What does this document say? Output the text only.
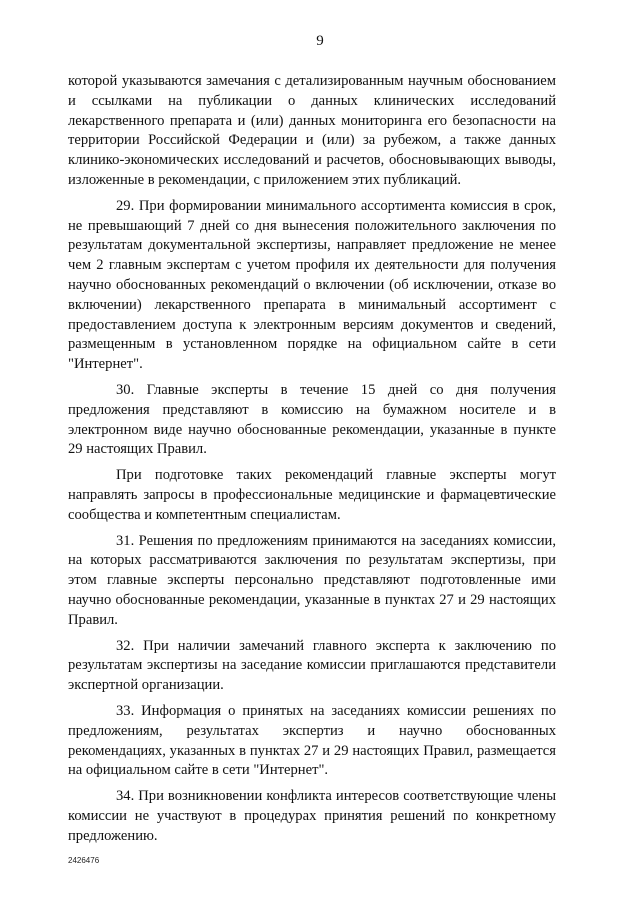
9

которой указываются замечания с детализированным научным обоснованием и ссылками на публикации о данных клинических исследований лекарственного препарата и (или) данных мониторинга его безопасности на территории Российской Федерации и (или) за рубежом, а также данных клинико-экономических исследований и расчетов, обосновывающих выводы, изложенные в рекомендации, с приложением этих публикаций.

29. При формировании минимального ассортимента комиссия в срок, не превышающий 7 дней со дня вынесения положительного заключения по результатам документальной экспертизы, направляет предложение не менее чем 2 главным экспертам с учетом профиля их деятельности для получения научно обоснованных рекомендаций о включении (об исключении, отказе во включении) лекарственного препарата в минимальный ассортимент с предоставлением доступа к электронным версиям документов и сведений, размещенным в установленном порядке на официальном сайте в сети "Интернет".

30. Главные эксперты в течение 15 дней со дня получения предложения представляют в комиссию на бумажном носителе и в электронном виде научно обоснованные рекомендации, указанные в пункте 29 настоящих Правил.

При подготовке таких рекомендаций главные эксперты могут направлять запросы в профессиональные медицинские и фармацевтические сообщества и компетентным специалистам.

31. Решения по предложениям принимаются на заседаниях комиссии, на которых рассматриваются заключения по результатам экспертизы, при этом главные эксперты персонально представляют подготовленные ими научно обоснованные рекомендации, указанные в пунктах 27 и 29 настоящих Правил.

32. При наличии замечаний главного эксперта к заключению по результатам экспертизы на заседание комиссии приглашаются представители экспертной организации.

33. Информация о принятых на заседаниях комиссии решениях по предложениям, результатах экспертиз и научно обоснованных рекомендациях, указанных в пунктах 27 и 29 настоящих Правил, размещается на официальном сайте в сети "Интернет".

34. При возникновении конфликта интересов соответствующие члены комиссии не участвуют в процедурах принятия решений по конкретному предложению.

2426476
